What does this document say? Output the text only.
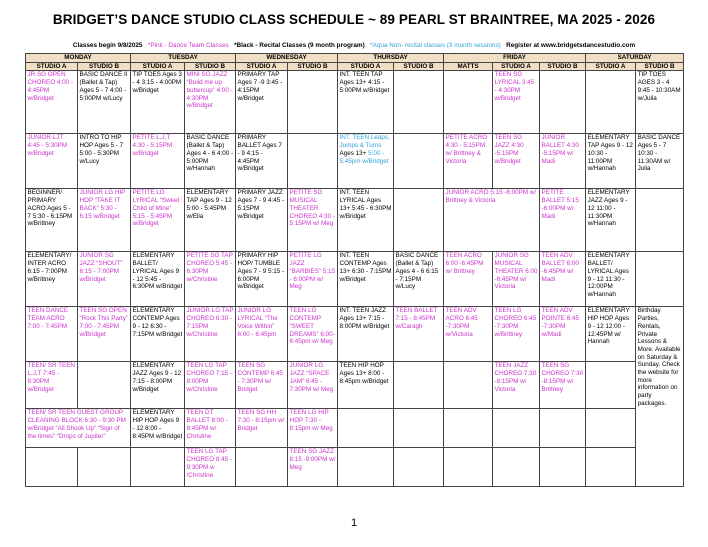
BRIDGET’S DANCE STUDIO CLASS SCHEDULE ~ 89 PEARL ST BRAINTREE, MA 2025 - 2026
Classes begin 9/8/2025 *Pink - Dance Team Classes *Black - Recital Classes (9 month program) *Aqua Non- recital classes (3 month sessions) Register at www.bridgetsdancestudio.com
MONDAY		TUESDAY		WEDNESDAY		THURSDAY		FRIDAY			SATURDAY	
STUDIO A	STUDIO B	STUDIO A	STUDIO B	STUDIO A	STUDIO B	STUDIO A	STUDIO B	MATTS	STUDIO A	STUDIO B	STUDIO A	STUDIO B
JR SG OPEN CHOREO 4:00 - 4:45PM w/Bridget	BASIC DANCE II (Ballet & Tap) Ages 5 - 7 4:00 - 5:00PM w/Lucy	TIP TOES Ages 3 - 4 3:15 - 4:00PM w/Bridget	MINI SG JAZZ “Build me up buttercup” 4:00 - 4:30PM w/Bridget	PRIMARY TAP Ages 7 -9 3:45 - 4:15PM w/Bridget		INT. TEEN TAP Ages 13+ 4:15 - 5:00PM w/Bridget			TEEN SG LYRICAL 3:45 - 4:30PM w/Bridget			TIP TOES AGES 3 - 4 9:45 - 10:30AM w/Julia
JUNIOR LJT 4:45 - 5:30PM w/Bridget	INTRO TO HIP HOP Ages 5 - 7 5:00 - 5:30PM w/Lucy	PETITE L,J,T 4:30 - 5:15PM w/Bridget	BASIC DANCE (Ballet & Tap) Ages 4 - 6 4:00 - 5:00PM w/Hannah	PRIMARY BALLET Ages 7 - 9 4:15 - 4:45PM w/Bridget		INT. TEEN Leaps, Jumps & Turns Ages 13+ 5:00 - 5:45pm w/Bridget		PETITE ACRO 4:30 - 5:15PM w/ Brittney & Victoria	TEEN SG JAZZ 4:30 -5:15PM w/Bridget	JUNIOR BALLET 4:30 -5:15PM w/ Madi	ELEMENTARY TAP Ages 9 - 12 10:30 - 11:00PM w/Hannah	BASIC DANCE Ages 5 - 7 10:30 - 11:30AM w/ Julia
BEGINNER/ PRIMARY ACRO Ages 5 - 7 5:30 - 6:15PM w/Brittney	JUNIOR LG HIP HOP “TAKE IT BACK” 5:30 - 6:15 w/Bridget	PETITE LG LYRICAL “Sweet Child of Mine” 5:15 - 5:45PM w/Bridget	ELEMENTARY TAP Ages 9 - 12 5:00 - 5:45PM w/Ella	PRIMARY JAZZ Ages 7 - 9 4:45 - 5:15PM w/Bridget	PETITE SG MUSICAL THEATER CHOREO 4:30 - 5:15PM w/ Meg	INT. TEEN LYRICAL Ages 13+ 5:45 - 6:30PM w/Bridget		JUNIOR ACRO 5:15 -6:00PM w/ Brittney & Victoria		PETITE BALLET 5:15 -6:00PM w/ Madi	ELEMENTARY JAZZ Ages 9 - 12 11:00 - 11:30PM w/Hannah	
ELEMENTARY/ INTER ACRO 6:15 - 7:00PM w/Brittney	JUNIOR SG JAZZ “SHOUT” 6:15 - 7:00PM w/Bridget	ELEMENTARY BALLET/ LYRICAL Ages 9 - 12 5:45 - 6:30PM w/Bridget	PETITE SG TAP CHOREO 5:45 - 6:30PM w/Christine	PRIMARY HIP HOP/ TUMBLE Ages 7 - 9 5:15 - 6:00PM w/Bridget	PETITE LG JAZZ “BARBIES” 5:15 - 6:00PM w/ Meg	INT. TEEN CONTEMP Ages 13+ 6:30 - 7:15PM w/Bridget	BASIC DANCE (Ballet & Tap) Ages 4 - 6 6:15 - 7:15PM w/Lucy	TEEN ACRO 6:00 -6:45PM w/ Brittney	JUNIOR SG MUSICAL THEATER 6:00 -6:45PM w/ Victoria	TEEN ADV BALLET 6:00 -6:45PM w/ Madi	ELEMENTARY BALLET/ LYRICAL Ages 9 - 12 11:30 - 12:00PM w/Hannah	
TEEN DANCE TEAM ACRO 7:00 - 7:45PM	TEEN SG OPEN “Rock This Party” 7:00 - 7:45PM w/Bridget	ELEMENTARY CONTEMP Ages 9 - 12 6:30 - 7:15PM w/Bridget	JUNIOR LG TAP CHOREO 6:30 - 7:15PM w/Christine	JUNIOR LG LYRICAL “The Voice Within” 6:00 - 6:45pm	TEEN LG CONTEMP “SWEET DREAMS” 6:00- 6:45pm w/ Meg	INT. TEEN JAZZ Ages 13+ 7:15 - 8:00PM w/Bridget	TEEN BALLET 7:15 - 8:45PM w/Caragh	TEEN ADV ACRO 6:45 -7:30PM w/Victoria	TEEN LG CHOREO 6:45 -7:30PM w/Brittney	TEEN ADV POINTE 6:45 -7:30PM w/Madi	ELEMENTARY HIP HOP Ages 9 - 12 12:00 - 12:45PM w/ Hannah	Birthday Parties, Rentals, Private Lessons & More. Available on Saturday & Sunday. Check the website for more information on party packages.
TEEN/ SR TEEN L,J,T 7:45 - 8:30PM w/Bridget		ELEMENTARY JAZZ Ages 9 - 12 7:15 - 8:00PM w/Bridget	TEEN LG TAP CHOREO 7:15 - 8:00PM w/Christine	TEEN SG CONTEMP 6:45 - 7:30PM w/ Bridget	JUNIOR LG JAZZ “SPACE JAM” 6:45 - 7:30PM w/ Meg	TEEN HIP HOP Ages 13+ 8:00 - 8:45pm w/Bridget			TEEN JAZZ CHOREO 7:30 -8:15PM w/ Victoria	TEEN SG CHOREO 7:30 -8:15PM w/ Brittney		
TEEN/ SR TEEN GUEST GROUP CLEANING BLOCK 6:30 - 9:30 PM w/Bridget “All Shook Up” “Sign of the times” “Drops of Jupiter”		ELEMENTARY HIP HOP Ages 9 - 12 8:00 - 8:45PM w/Bridget	TEEN DT BALLET 8:00 - 8:45PM w/ Christine	TEEN SG HH 7:30 - 8:15pm w/ Bridget	TEEN LG HIP HOP 7:30 - 8:15pm w/ Meg							
			TEEN LG TAP CHOREO 8:45 - 9:30PM w /Christine		TEEN SG JAZZ 8:15 -9:00PM w/ Meg							
1
